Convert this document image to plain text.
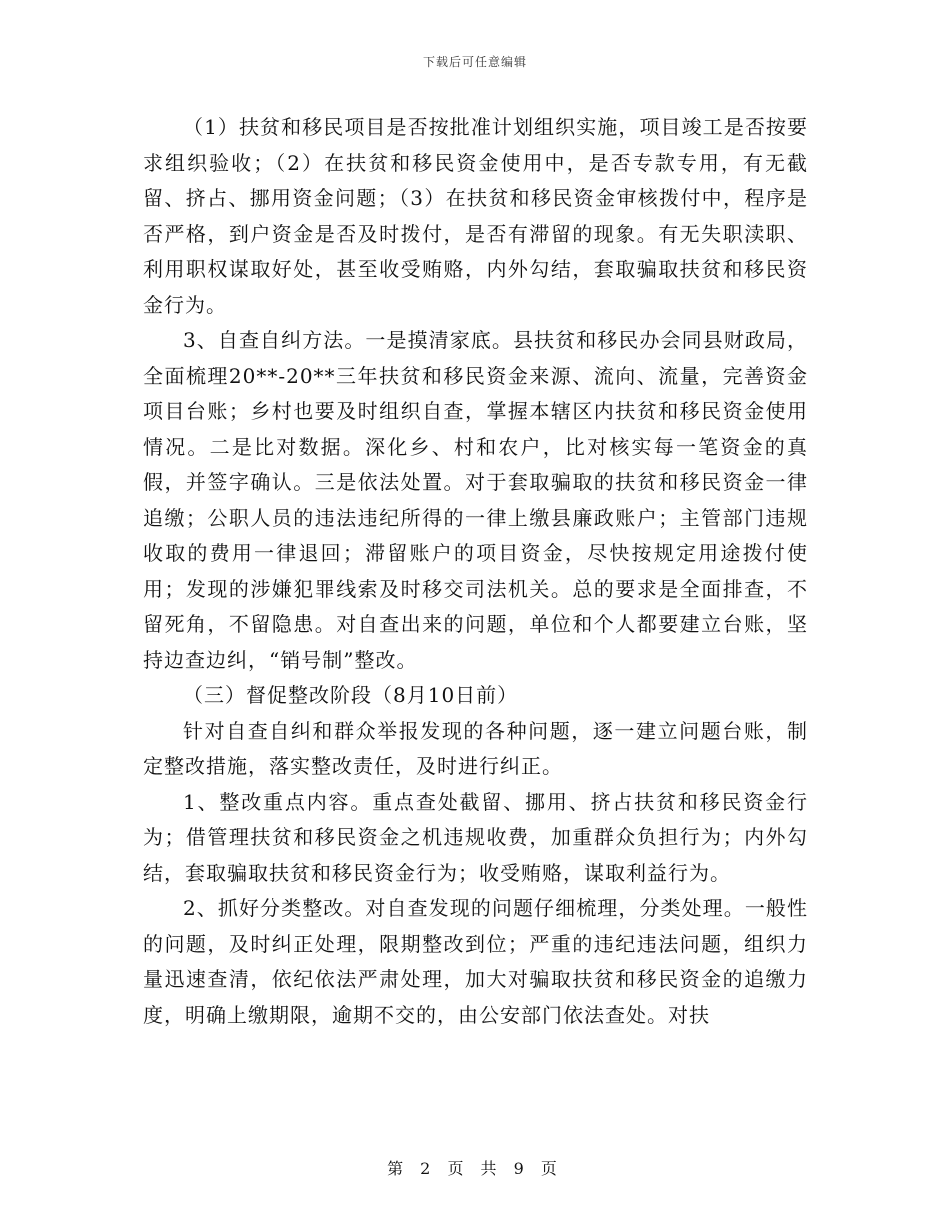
下载后可任意编辑

（1）扶贫和移民项目是否按批准计划组织实施，项目竣工是否按要求组织验收；（2）在扶贫和移民资金使用中，是否专款专用，有无截留、挤占、挪用资金问题；（3）在扶贫和移民资金审核拨付中，程序是否严格，到户资金是否及时拨付，是否有滞留的现象。有无失职渎职、利用职权谋取好处，甚至收受贿赂，内外勾结，套取骗取扶贫和移民资金行为。

3、自查自纠方法。一是摸清家底。县扶贫和移民办会同县财政局，全面梳理20**-20**三年扶贫和移民资金来源、流向、流量，完善资金项目台账；乡村也要及时组织自查，掌握本辖区内扶贫和移民资金使用情况。二是比对数据。深化乡、村和农户，比对核实每一笔资金的真假，并签字确认。三是依法处置。对于套取骗取的扶贫和移民资金一律追缴；公职人员的违法违纪所得的一律上缴县廉政账户；主管部门违规收取的费用一律退回；滞留账户的项目资金，尽快按规定用途拨付使用；发现的涉嫌犯罪线索及时移交司法机关。总的要求是全面排查，不留死角，不留隐患。对自查出来的问题，单位和个人都要建立台账，坚持边查边纠，“销号制”整改。

（三）督促整改阶段（8月10日前）

针对自查自纠和群众举报发现的各种问题，逐一建立问题台账，制定整改措施，落实整改责任，及时进行纠正。

1、整改重点内容。重点查处截留、挪用、挤占扶贫和移民资金行为；借管理扶贫和移民资金之机违规收费，加重群众负担行为；内外勾结，套取骗取扶贫和移民资金行为；收受贿赂，谋取利益行为。

2、抓好分类整改。对自查发现的问题仔细梳理，分类处理。一般性的问题，及时纠正处理，限期整改到位；严重的违纪违法问题，组织力量迅速查清，依纪依法严肃处理，加大对骗取扶贫和移民资金的追缴力度，明确上缴期限，逾期不交的，由公安部门依法查处。对扶

第 2 页 共 9 页
